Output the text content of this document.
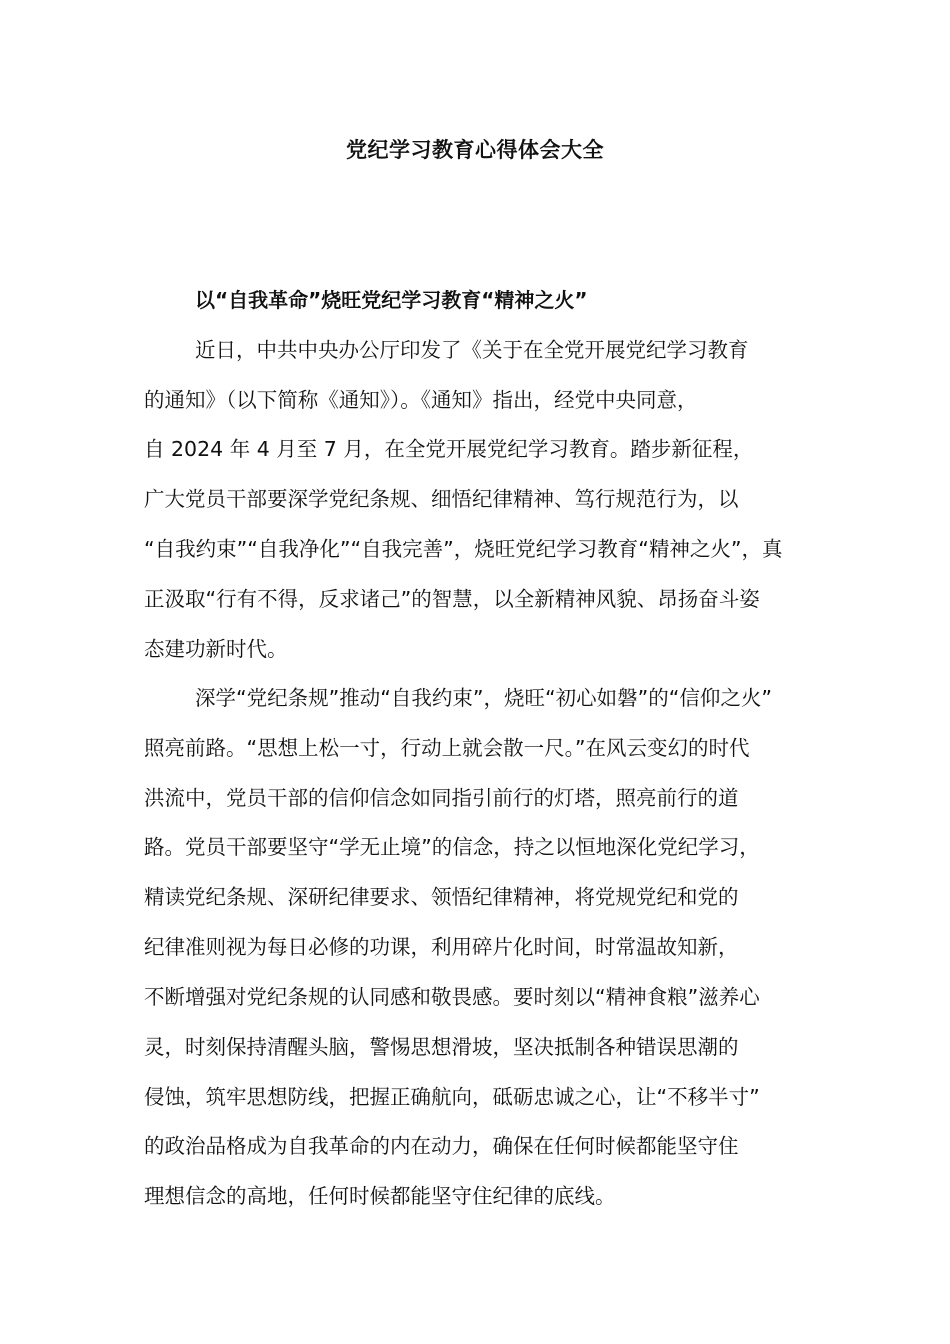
党纪学习教育心得体会大全
以“自我革命”烧旺党纪学习教育“精神之火”
近日，中共中央办公厅印发了《关于在全党开展党纪学习教育
的通知》（以下简称《通知》）。《通知》指出，经党中央同意，
自 2024 年 4 月至 7 月，在全党开展党纪学习教育。踏步新征程，
广大党员干部要深学党纪条规、细悟纪律精神、笃行规范行为，以
“自我约束”“自我净化”“自我完善”，烧旺党纪学习教育“精神之火”，真
正汲取“行有不得，反求诸己”的智慧，以全新精神风貌、昂扬奋斗姿
态建功新时代。
深学“党纪条规”推动“自我约束”，烧旺“初心如磐”的“信仰之火”
照亮前路。“思想上松一寸，行动上就会散一尺。”在风云变幻的时代
洪流中，党员干部的信仰信念如同指引前行的灯塔，照亮前行的道
路。党员干部要坚守“学无止境”的信念，持之以恒地深化党纪学习，
精读党纪条规、深研纪律要求、领悟纪律精神，将党规党纪和党的
纪律准则视为每日必修的功课，利用碎片化时间，时常温故知新，
不断增强对党纪条规的认同感和敬畏感。要时刻以“精神食粮”滋养心
灵，时刻保持清醒头脑，警惕思想滑坡，坚决抵制各种错误思潮的
侵蚀，筑牢思想防线，把握正确航向，砥砺忠诚之心，让“不移半寸”
的政治品格成为自我革命的内在动力，确保在任何时候都能坚守住
理想信念的高地，任何时候都能坚守住纪律的底线。
